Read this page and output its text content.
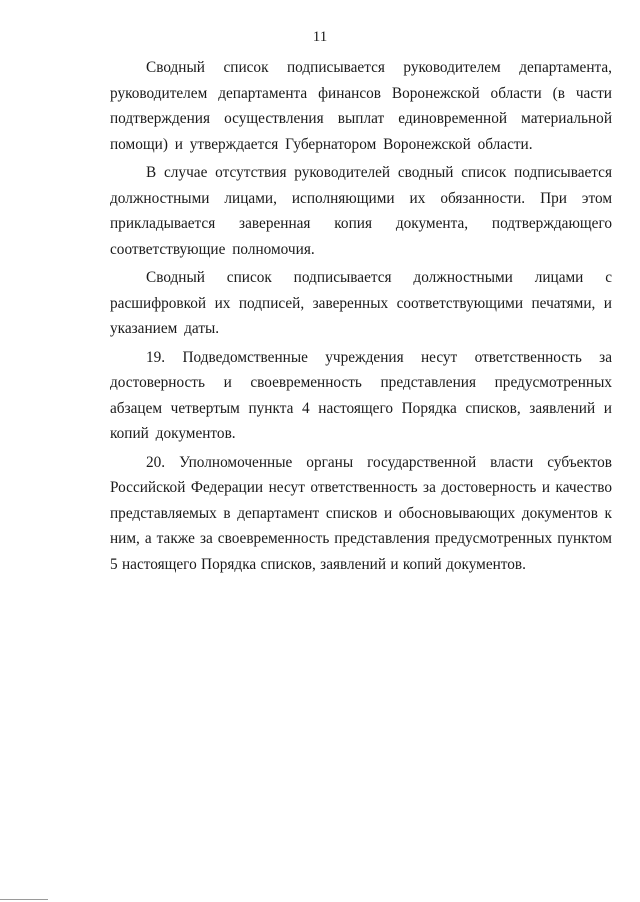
11

Сводный список подписывается руководителем департамента, руководителем департамента финансов Воронежской области (в части подтверждения осуществления выплат единовременной материальной помощи) и утверждается Губернатором Воронежской области.

В случае отсутствия руководителей сводный список подписывается должностными лицами, исполняющими их обязанности. При этом прикладывается заверенная копия документа, подтверждающего соответствующие полномочия.

Сводный список подписывается должностными лицами с расшифровкой их подписей, заверенных соответствующими печатями, и указанием даты.

19. Подведомственные учреждения несут ответственность за достоверность и своевременность представления предусмотренных абзацем четвертым пункта 4 настоящего Порядка списков, заявлений и копий документов.

20. Уполномоченные органы государственной власти субъектов Российской Федерации несут ответственность за достоверность и качество представляемых в департамент списков и обосновывающих документов к ним, а также за своевременность представления предусмотренных пунктом 5 настоящего Порядка списков, заявлений и копий документов.
